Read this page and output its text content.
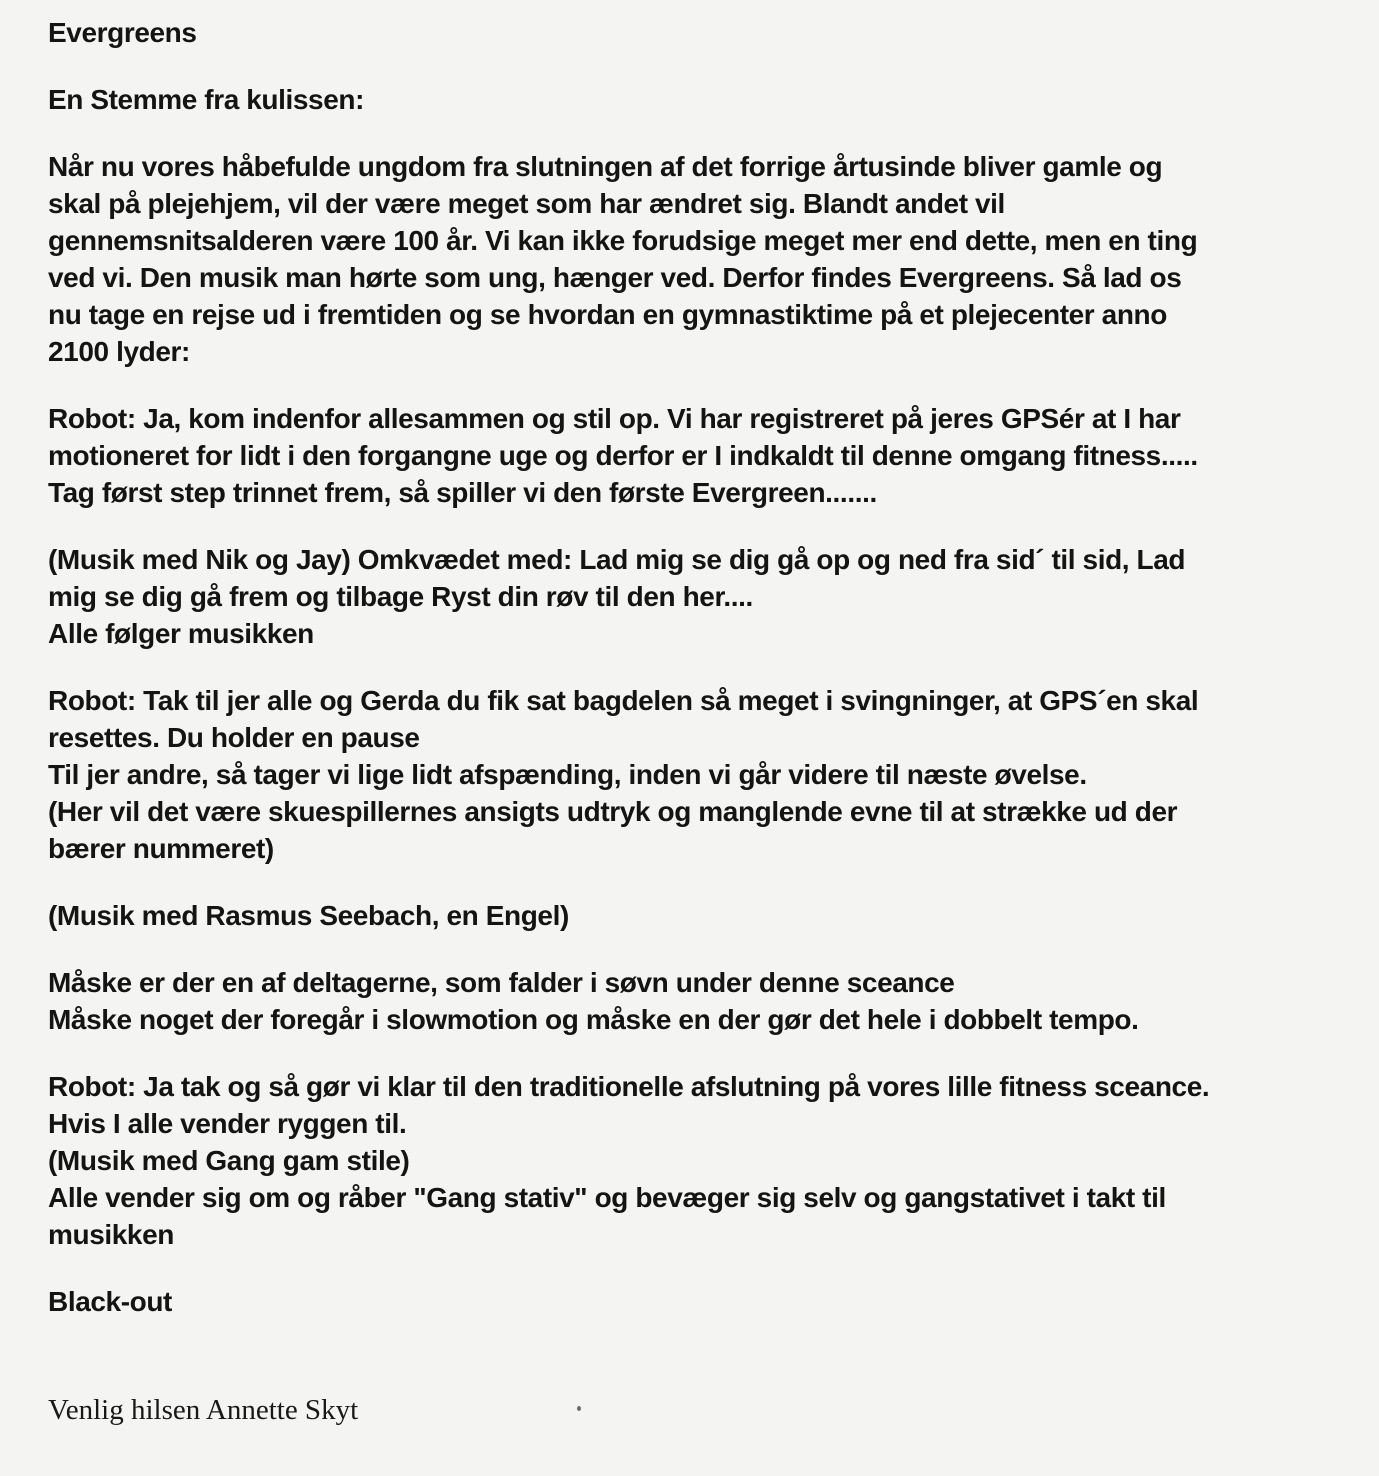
Evergreens
En Stemme fra kulissen:

Når nu vores håbefulde ungdom fra slutningen af det forrige årtusinde bliver gamle og
skal på plejehjem, vil der være meget som har ændret sig. Blandt andet vil
gennemsnitsalderen være 100 år. Vi kan ikke forudsige meget mer end dette, men en ting
ved vi. Den musik man hørte som ung, hænger ved. Derfor findes Evergreens. Så lad os
nu tage en rejse ud i fremtiden og se hvordan en gymnastiktime på et plejecenter anno
2100 lyder:

Robot: Ja, kom indenfor allesammen og stil op. Vi har registreret på jeres GPSér at I har
motioneret for lidt i den forgangne uge og derfor er I indkaldt til denne omgang fitness.....
Tag først step trinnet frem, så spiller vi den første Evergreen.......

(Musik med Nik og Jay) Omkvædet med: Lad mig se dig gå op og ned fra sid´ til sid, Lad
mig se dig gå frem og tilbage Ryst din røv til den her....
Alle følger musikken

Robot: Tak til jer alle og Gerda du fik sat bagdelen så meget i svingninger, at GPS´en skal
resettes. Du holder en pause
Til jer andre, så tager vi lige lidt afspænding, inden vi går videre til næste øvelse.
(Her vil det være skuespillernes ansigts udtryk og manglende evne til at strække ud der
bærer nummeret)

(Musik med Rasmus Seebach, en Engel)

Måske er der en af deltagerne, som falder i søvn under denne sceance
Måske noget der foregår i slowmotion og måske en der gør det hele i dobbelt tempo.

Robot: Ja tak og så gør vi klar til den traditionelle afslutning på vores lille fitness sceance.
Hvis I alle vender ryggen til.
(Musik med Gang gam stile)
Alle vender sig om og råber "Gang stativ" og bevæger sig selv og gangstativet i takt til
musikken

Black-out

Venlig hilsen Annette Skyt
